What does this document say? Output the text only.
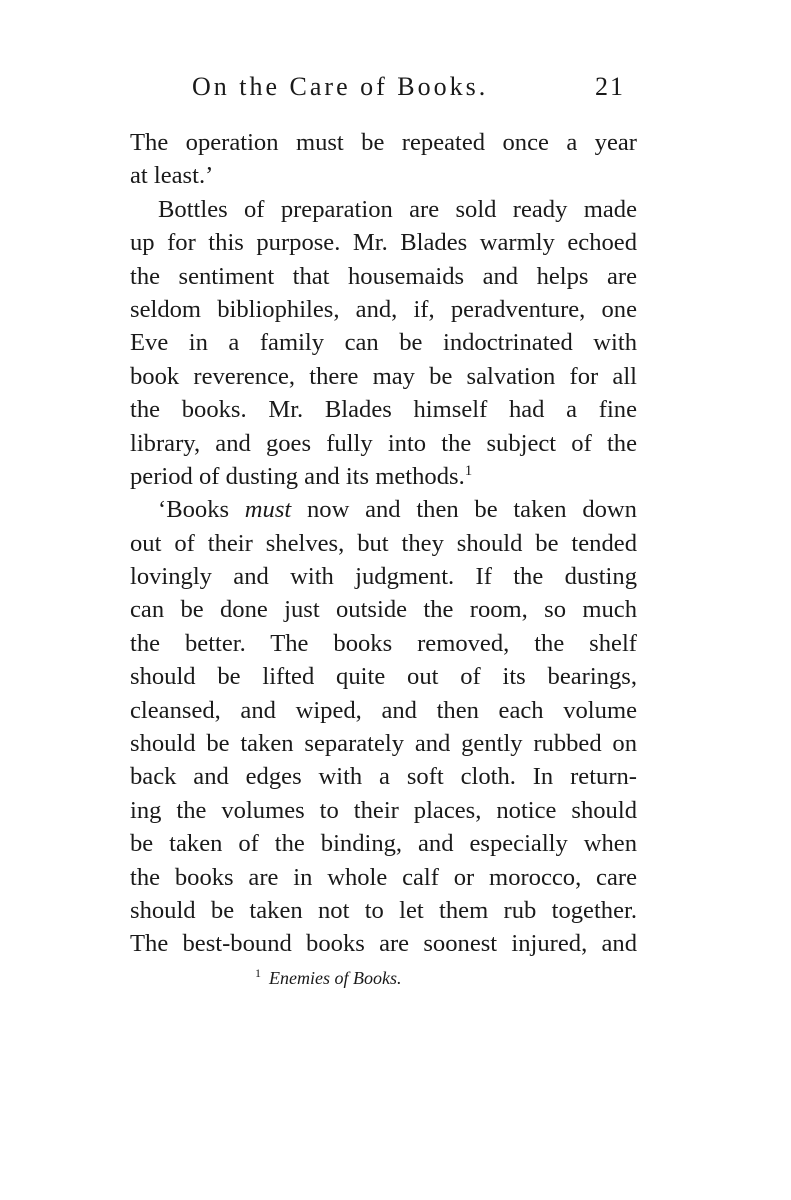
On the Care of Books.	21
The operation must be repeated once a year
at least.’
Bottles of preparation are sold ready made
up for this purpose. Mr. Blades warmly echoed
the sentiment that housemaids and helps are
seldom bibliophiles, and, if, peradventure, one
Eve in a family can be indoctrinated with
book reverence, there may be salvation for all
the books. Mr. Blades himself had a fine
library, and goes fully into the subject of the
period of dusting and its methods.$^1$
‘Books must now and then be taken down
out of their shelves, but they should be tended
lovingly and with judgment. If the dusting
can be done just outside the room, so much
the better. The books removed, the shelf
should be lifted quite out of its bearings,
cleansed, and wiped, and then each volume
should be taken separately and gently rubbed on
back and edges with a soft cloth. In return-
ing the volumes to their places, notice should
be taken of the binding, and especially when
the books are in whole calf or morocco, care
should be taken not to let them rub together.
The best-bound books are soonest injured, and
$^1$ Enemies of Books.
